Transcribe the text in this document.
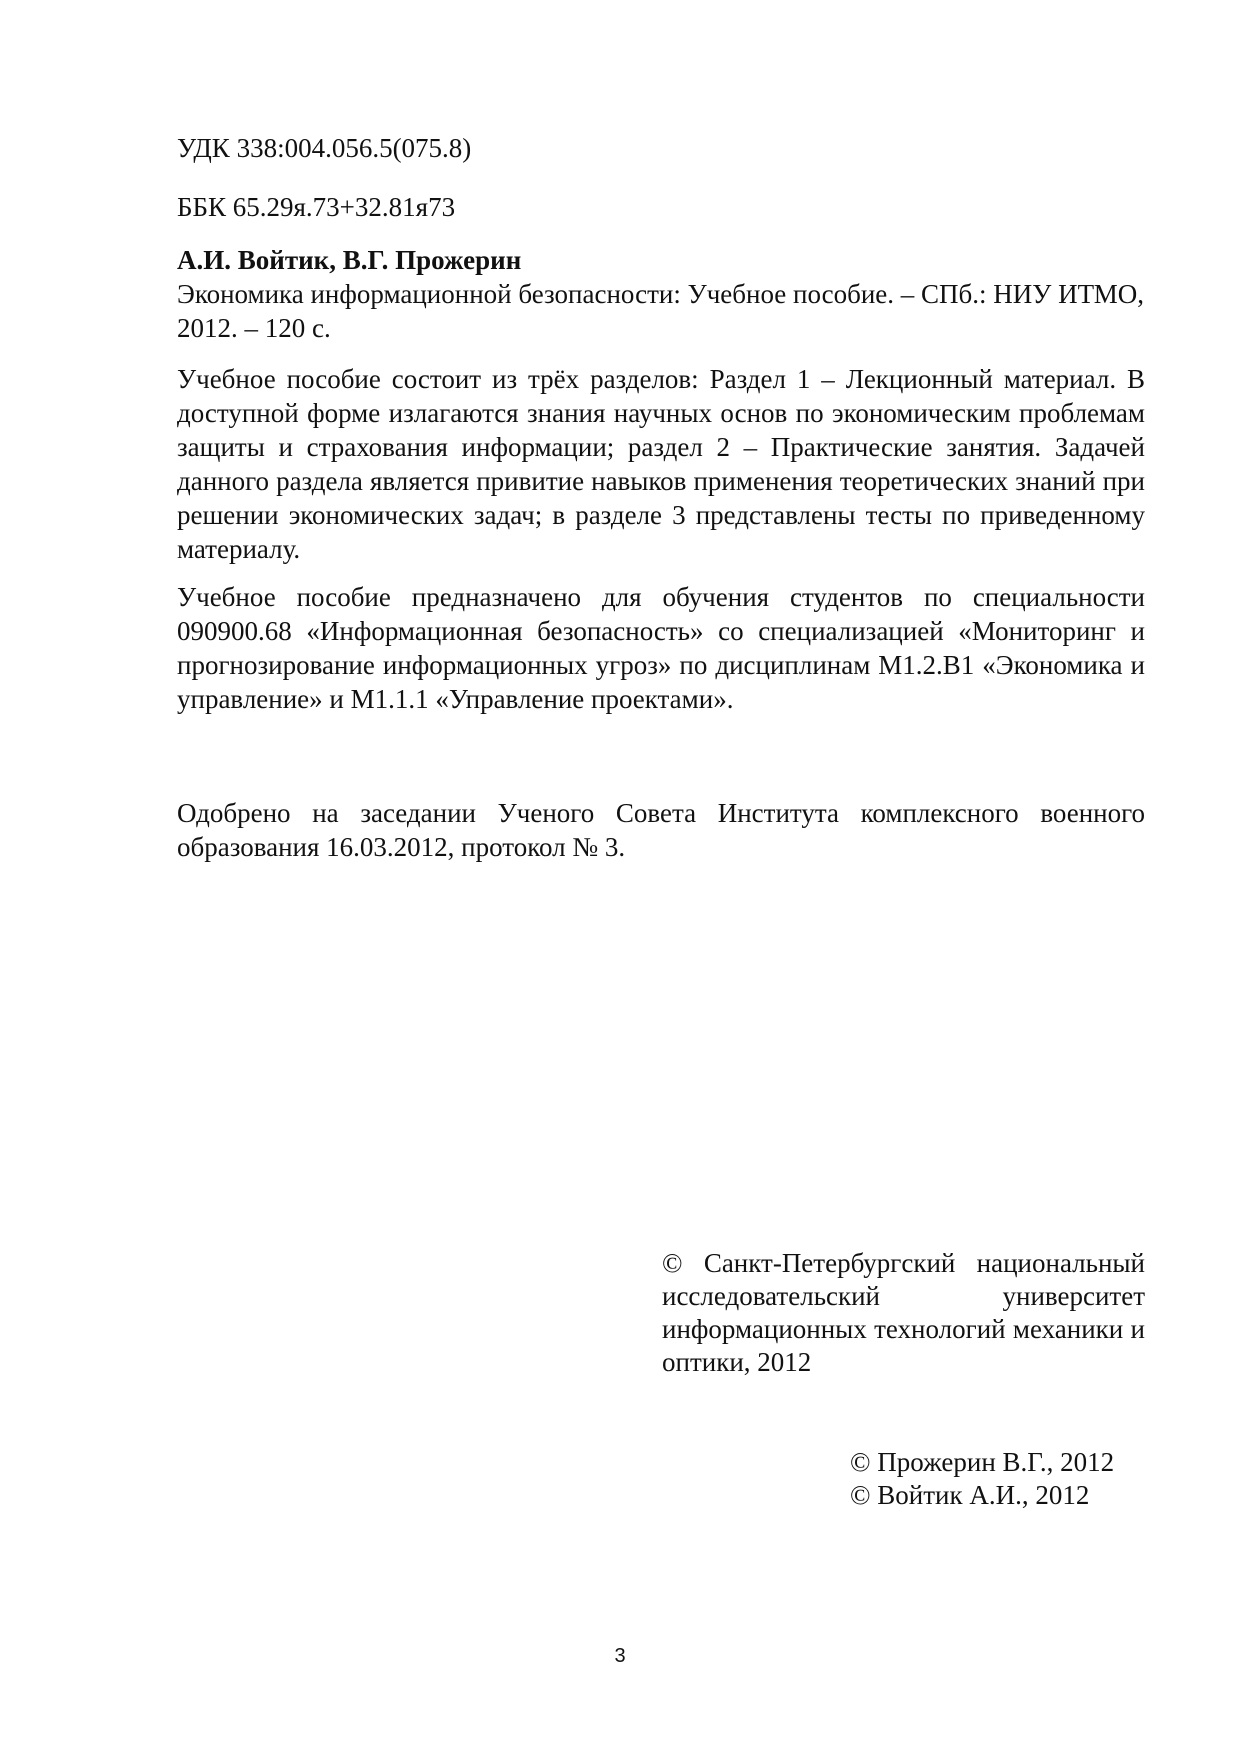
УДК 338:004.056.5(075.8)

ББК 65.29я.73+32.81я73

А.И. Войтик, В.Г. Прожерин

Экономика информационной безопасности: Учебное пособие. – СПб.: НИУ ИТМО, 2012. – 120 с.

Учебное пособие состоит из трёх разделов: Раздел 1 – Лекционный материал. В доступной форме излагаются знания научных основ по экономическим проблемам защиты и страхования информации; раздел 2 – Практические занятия. Задачей данного раздела является привитие навыков применения теоретических знаний при решении экономических задач; в разделе 3 представлены тесты по приведенному материалу.

Учебное пособие предназначено для обучения студентов по специальности 090900.68 «Информационная безопасность» со специализацией «Мониторинг и прогнозирование информационных угроз» по дисциплинам М1.2.В1 «Экономика и управление» и М1.1.1 «Управление проектами».

Одобрено на заседании Ученого Совета Института комплексного военного образования 16.03.2012, протокол № 3.

© Санкт-Петербургский национальный исследовательский университет информационных технологий механики и оптики, 2012

© Прожерин В.Г., 2012
© Войтик А.И., 2012
3
